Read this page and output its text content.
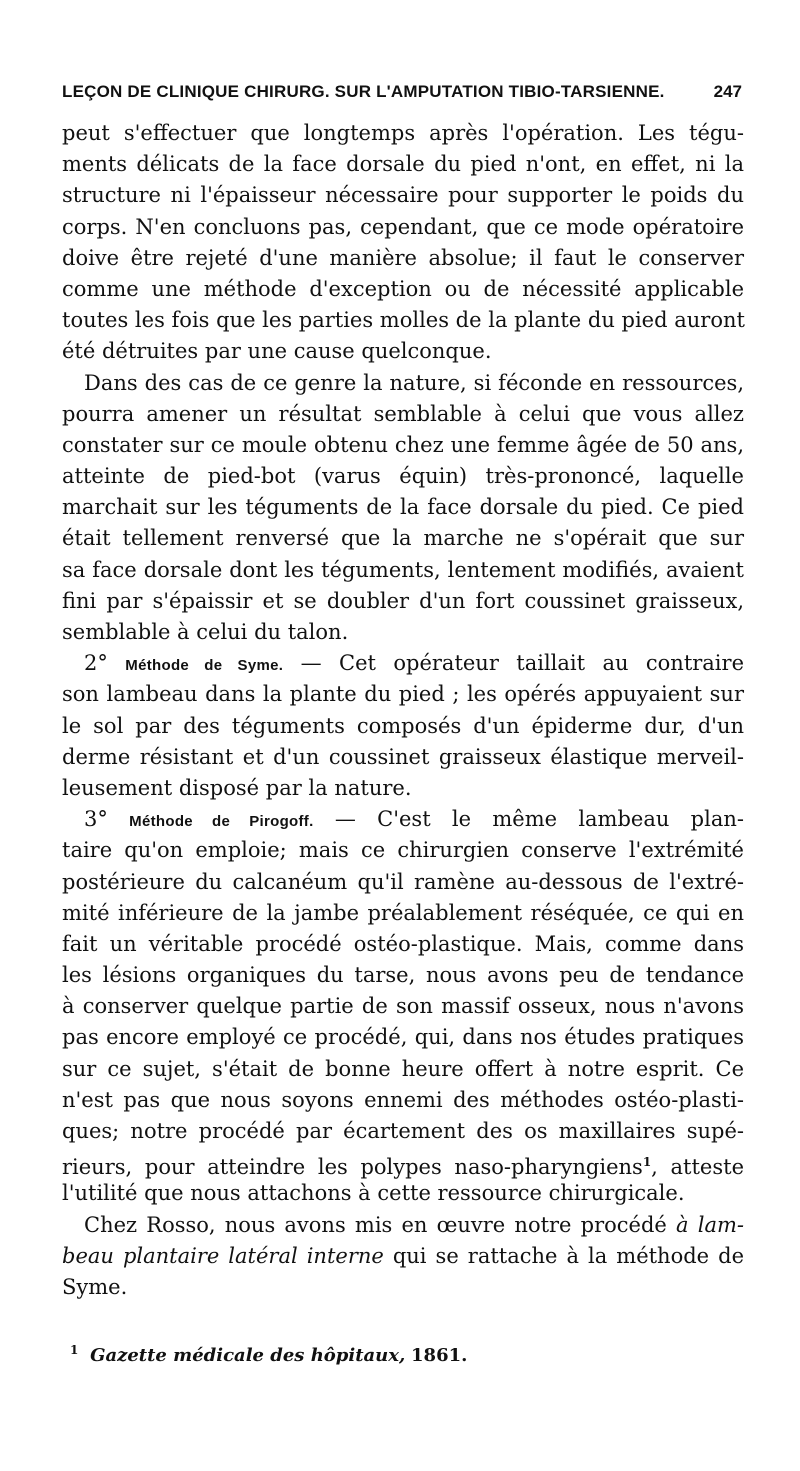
LEÇON DE CLINIQUE CHIRURG. SUR L'AMPUTATION TIBIO-TARSIENNE.	247
peut s'effectuer que longtemps après l'opération. Les tégu-
ments délicats de la face dorsale du pied n'ont, en effet, ni la
structure ni l'épaisseur nécessaire pour supporter le poids du
corps. N'en concluons pas, cependant, que ce mode opératoire
doive être rejeté d'une manière absolue; il faut le conserver
comme une méthode d'exception ou de nécessité applicable
toutes les fois que les parties molles de la plante du pied auront
été détruites par une cause quelconque.
Dans des cas de ce genre la nature, si féconde en ressources,
pourra amener un résultat semblable à celui que vous allez
constater sur ce moule obtenu chez une femme âgée de 50 ans,
atteinte de pied-bot (varus équin) très-prononcé, laquelle
marchait sur les téguments de la face dorsale du pied. Ce pied
était tellement renversé que la marche ne s'opérait que sur
sa face dorsale dont les téguments, lentement modifiés, avaient
fini par s'épaissir et se doubler d'un fort coussinet graisseux,
semblable à celui du talon.
2° Méthode de Syme. — Cet opérateur taillait au contraire
son lambeau dans la plante du pied ; les opérés appuyaient sur
le sol par des téguments composés d'un épiderme dur, d'un
derme résistant et d'un coussinet graisseux élastique merveil-
leusement disposé par la nature.
3° Méthode de Pirogoff. — C'est le même lambeau plan-
taire qu'on emploie; mais ce chirurgien conserve l'extrémité
postérieure du calcanéum qu'il ramène au-dessous de l'extré-
mité inférieure de la jambe préalablement réséquée, ce qui en
fait un véritable procédé ostéo-plastique. Mais, comme dans
les lésions organiques du tarse, nous avons peu de tendance
à conserver quelque partie de son massif osseux, nous n'avons
pas encore employé ce procédé, qui, dans nos études pratiques
sur ce sujet, s'était de bonne heure offert à notre esprit. Ce
n'est pas que nous soyons ennemi des méthodes ostéo-plasti-
ques; notre procédé par écartement des os maxillaires supé-
rieurs, pour atteindre les polypes naso-pharyngiens$^1$, atteste
l'utilité que nous attachons à cette ressource chirurgicale.
Chez Rosso, nous avons mis en œuvre notre procédé à lam-
beau plantaire latéral interne qui se rattache à la méthode de
Syme.
$^1$ Gazette médicale des hôpitaux, 1861.
